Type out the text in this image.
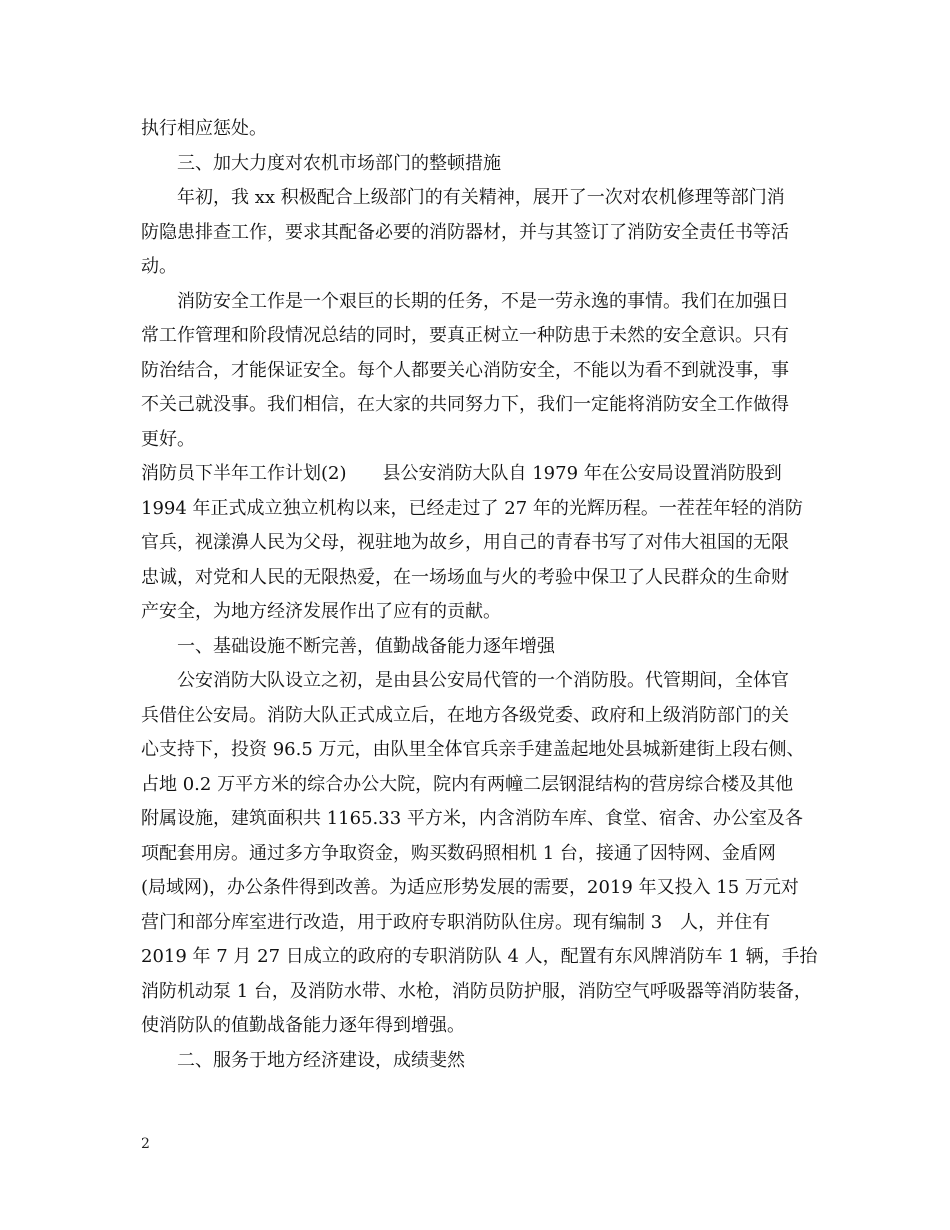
执行相应惩处。
三、加大力度对农机市场部门的整顿措施
年初，我 xx 积极配合上级部门的有关精神，展开了一次对农机修理等部门消
防隐患排查工作，要求其配备必要的消防器材，并与其签订了消防安全责任书等活
动。
消防安全工作是一个艰巨的长期的任务，不是一劳永逸的事情。我们在加强日
常工作管理和阶段情况总结的同时，要真正树立一种防患于未然的安全意识。只有
防治结合，才能保证安全。每个人都要关心消防安全，不能以为看不到就没事，事
不关己就没事。我们相信，在大家的共同努力下，我们一定能将消防安全工作做得
更好。
消防员下半年工作计划(2)　　县公安消防大队自 1979 年在公安局设置消防股到
1994 年正式成立独立机构以来，已经走过了 27 年的光辉历程。一茬茬年轻的消防
官兵，视漾濞人民为父母，视驻地为故乡，用自己的青春书写了对伟大祖国的无限
忠诚，对党和人民的无限热爱，在一场场血与火的考验中保卫了人民群众的生命财
产安全，为地方经济发展作出了应有的贡献。
一、基础设施不断完善，值勤战备能力逐年增强
公安消防大队设立之初，是由县公安局代管的一个消防股。代管期间，全体官
兵借住公安局。消防大队正式成立后，在地方各级党委、政府和上级消防部门的关
心支持下，投资 96.5 万元，由队里全体官兵亲手建盖起地处县城新建街上段右侧、
占地 0.2 万平方米的综合办公大院，院内有两幢二层钢混结构的营房综合楼及其他
附属设施，建筑面积共 1165.33 平方米，内含消防车库、食堂、宿舍、办公室及各
项配套用房。通过多方争取资金，购买数码照相机 1 台，接通了因特网、金盾网
(局域网)，办公条件得到改善。为适应形势发展的需要，2019 年又投入 15 万元对
营门和部分库室进行改造，用于政府专职消防队住房。现有编制 3　人，并住有
2019 年 7 月 27 日成立的政府的专职消防队 4 人，配置有东风牌消防车 1 辆，手抬
消防机动泵 1 台，及消防水带、水枪，消防员防护服，消防空气呼吸器等消防装备，
使消防队的值勤战备能力逐年得到增强。
二、服务于地方经济建设，成绩斐然
2
